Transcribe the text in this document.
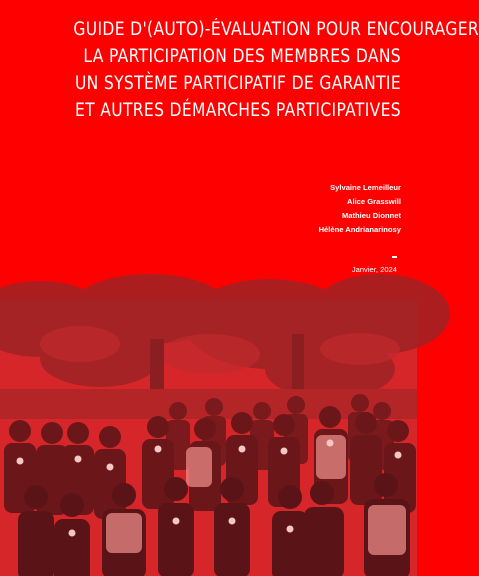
GUIDE D'(AUTO)-ÉVALUATION POUR ENCOURAGER
LA PARTICIPATION DES MEMBRES DANS
UN SYSTÈME PARTICIPATIF DE GARANTIE
ET AUTRES DÉMARCHES PARTICIPATIVES
Sylvaine Lemeilleur
Alice Grasswill
Mathieu Dionnet
Hélène Andrianarinosy
Janvier, 2024
